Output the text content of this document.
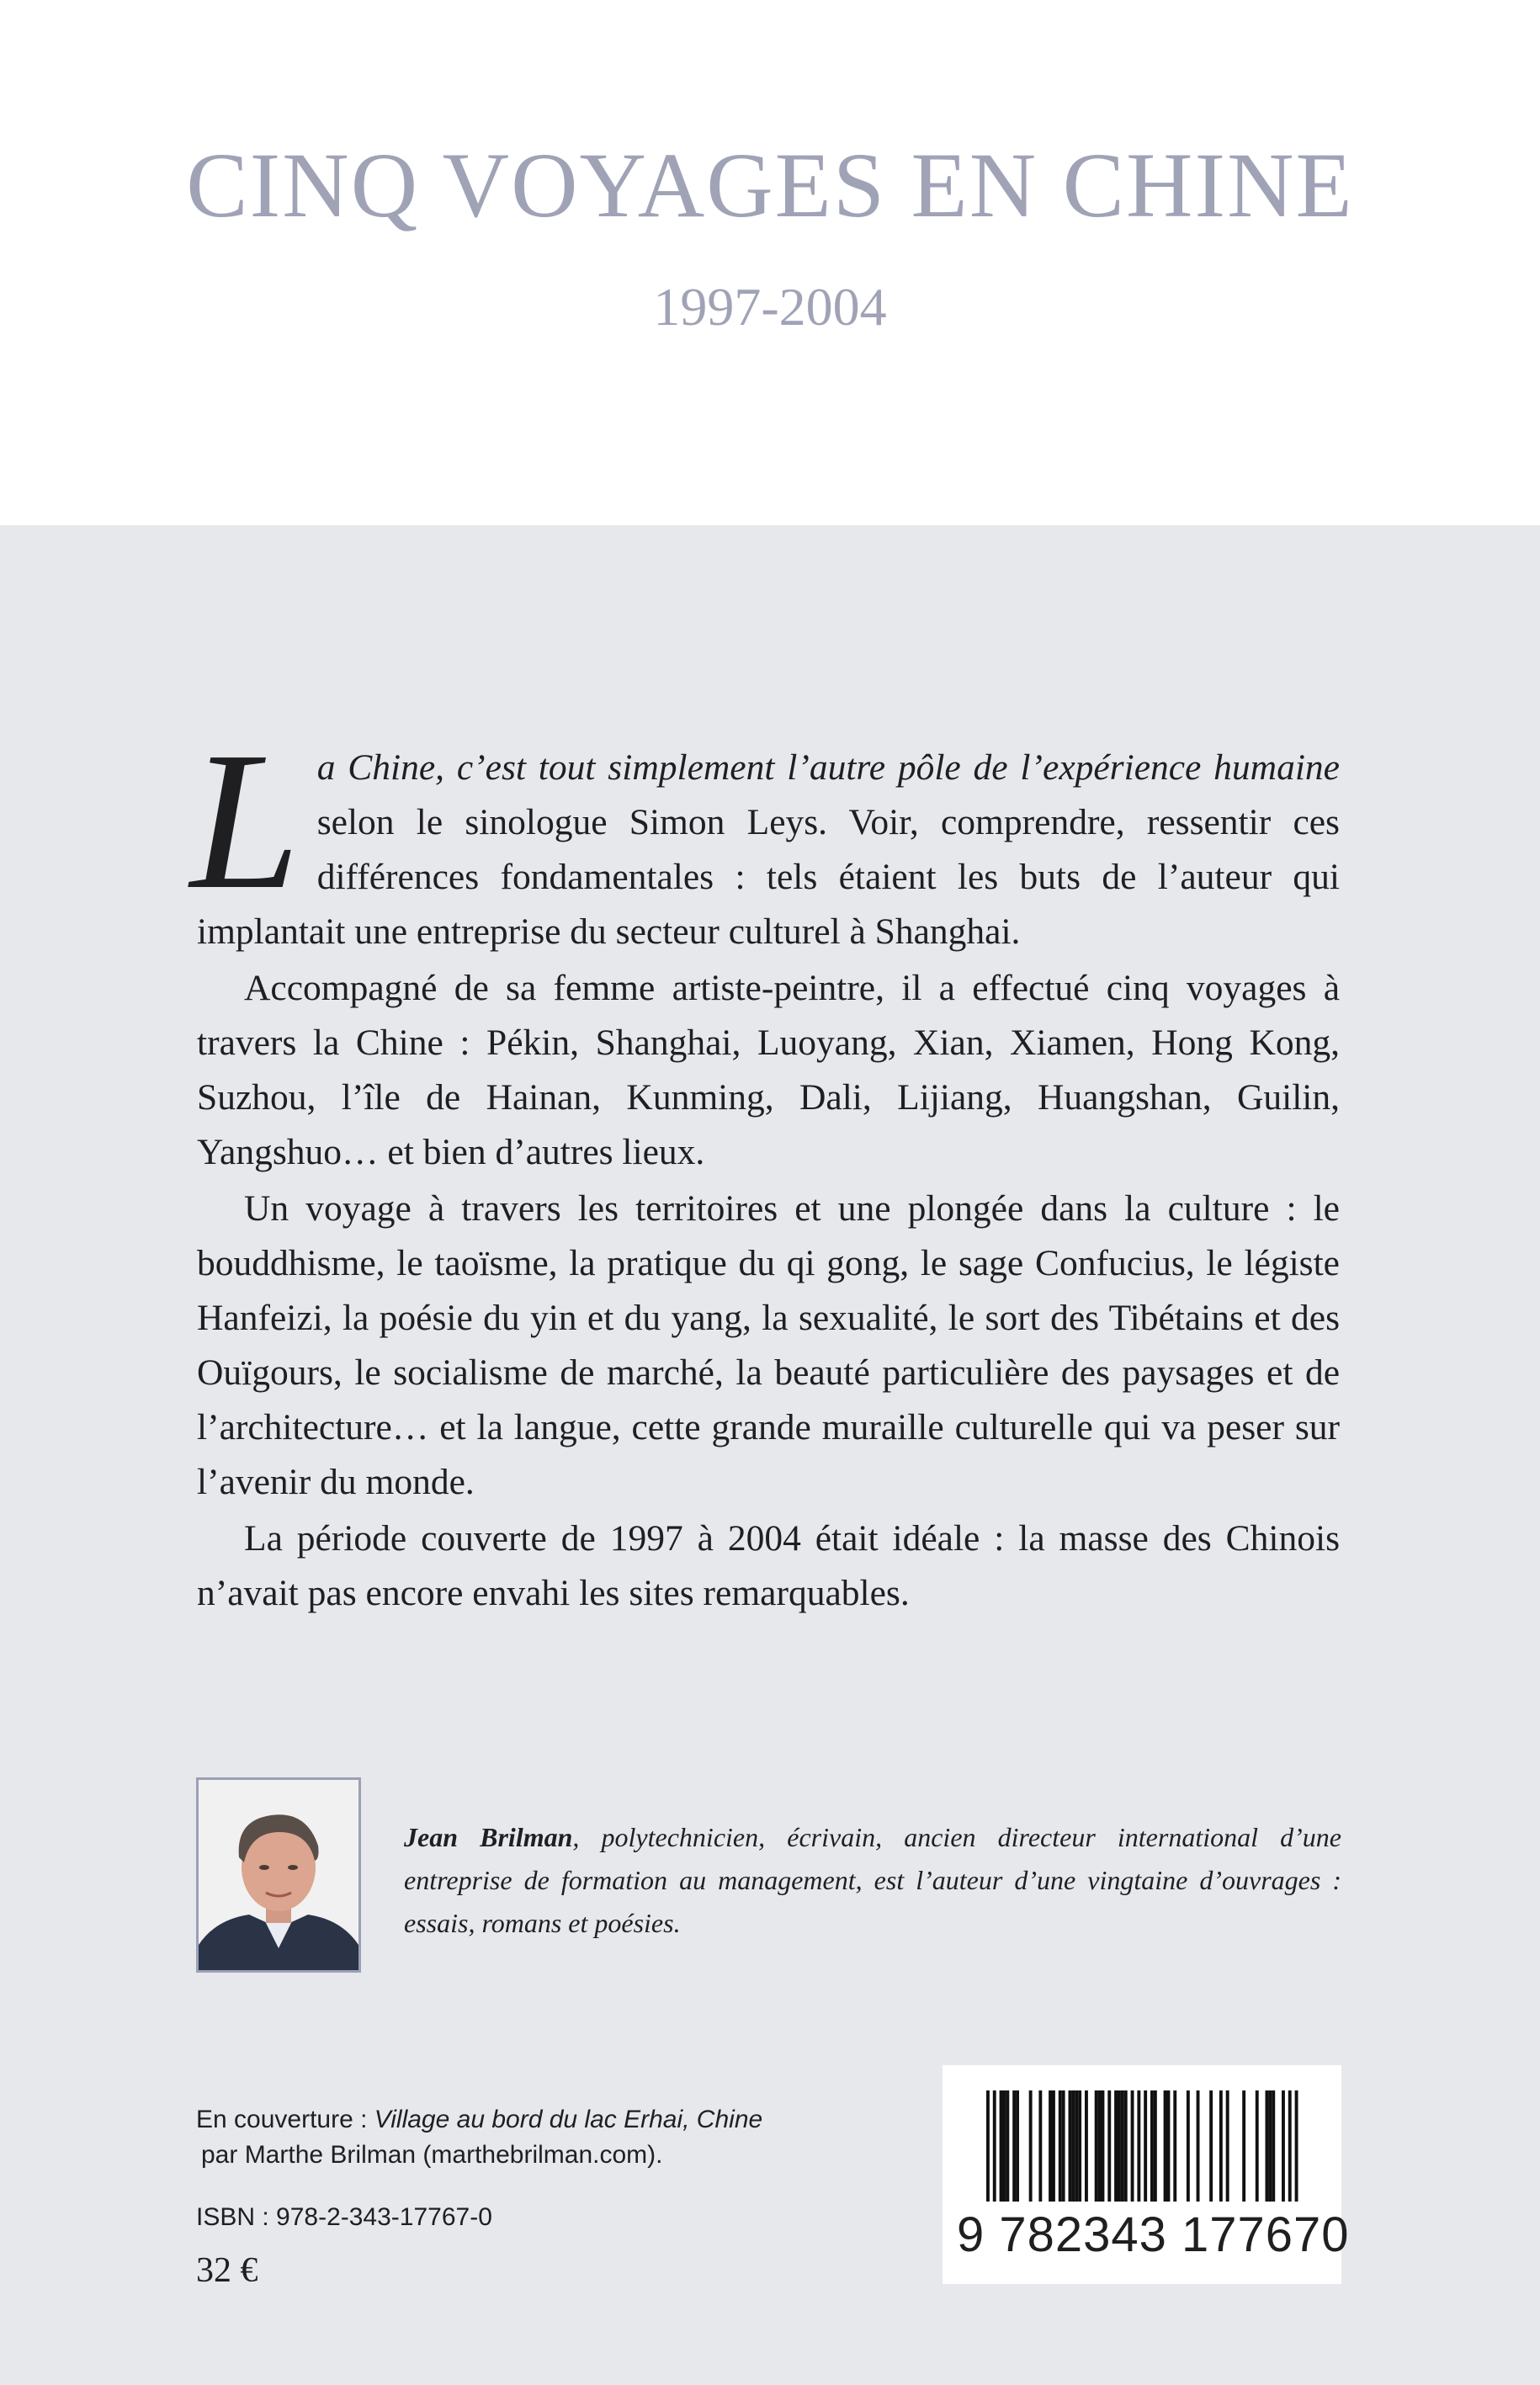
CINQ VOYAGES EN CHINE
1997-2004

La Chine, c’est tout simplement l’autre pôle de l’expérience humaine selon le sinologue Simon Leys. Voir, comprendre, ressentir ces différences fondamentales : tels étaient les buts de l’auteur qui implantait une entreprise du secteur culturel à Shanghai.

Accompagné de sa femme artiste-peintre, il a effectué cinq voyages à travers la Chine : Pékin, Shanghai, Luoyang, Xian, Xiamen, Hong Kong, Suzhou, l’île de Hainan, Kunming, Dali, Lijiang, Huangshan, Guilin, Yangshuo… et bien d’autres lieux.

Un voyage à travers les territoires et une plongée dans la culture : le bouddhisme, le taoïsme, la pratique du qi gong, le sage Confucius, le légiste Hanfeizi, la poésie du yin et du yang, la sexualité, le sort des Tibétains et des Ouïgours, le socialisme de marché, la beauté particulière des paysages et de l’architecture… et la langue, cette grande muraille culturelle qui va peser sur l’avenir du monde.

La période couverte de 1997 à 2004 était idéale : la masse des Chinois n’avait pas encore envahi les sites remarquables.

Jean Brilman, polytechnicien, écrivain, ancien directeur international d’une entreprise de formation au management, est l’auteur d’une vingtaine d’ouvrages : essais, romans et poésies.
En couverture : Village au bord du lac Erhai, Chine
par Marthe Brilman (marthebrilman.com).
ISBN : 978-2-343-17767-0
32 €
9 782343 177670
